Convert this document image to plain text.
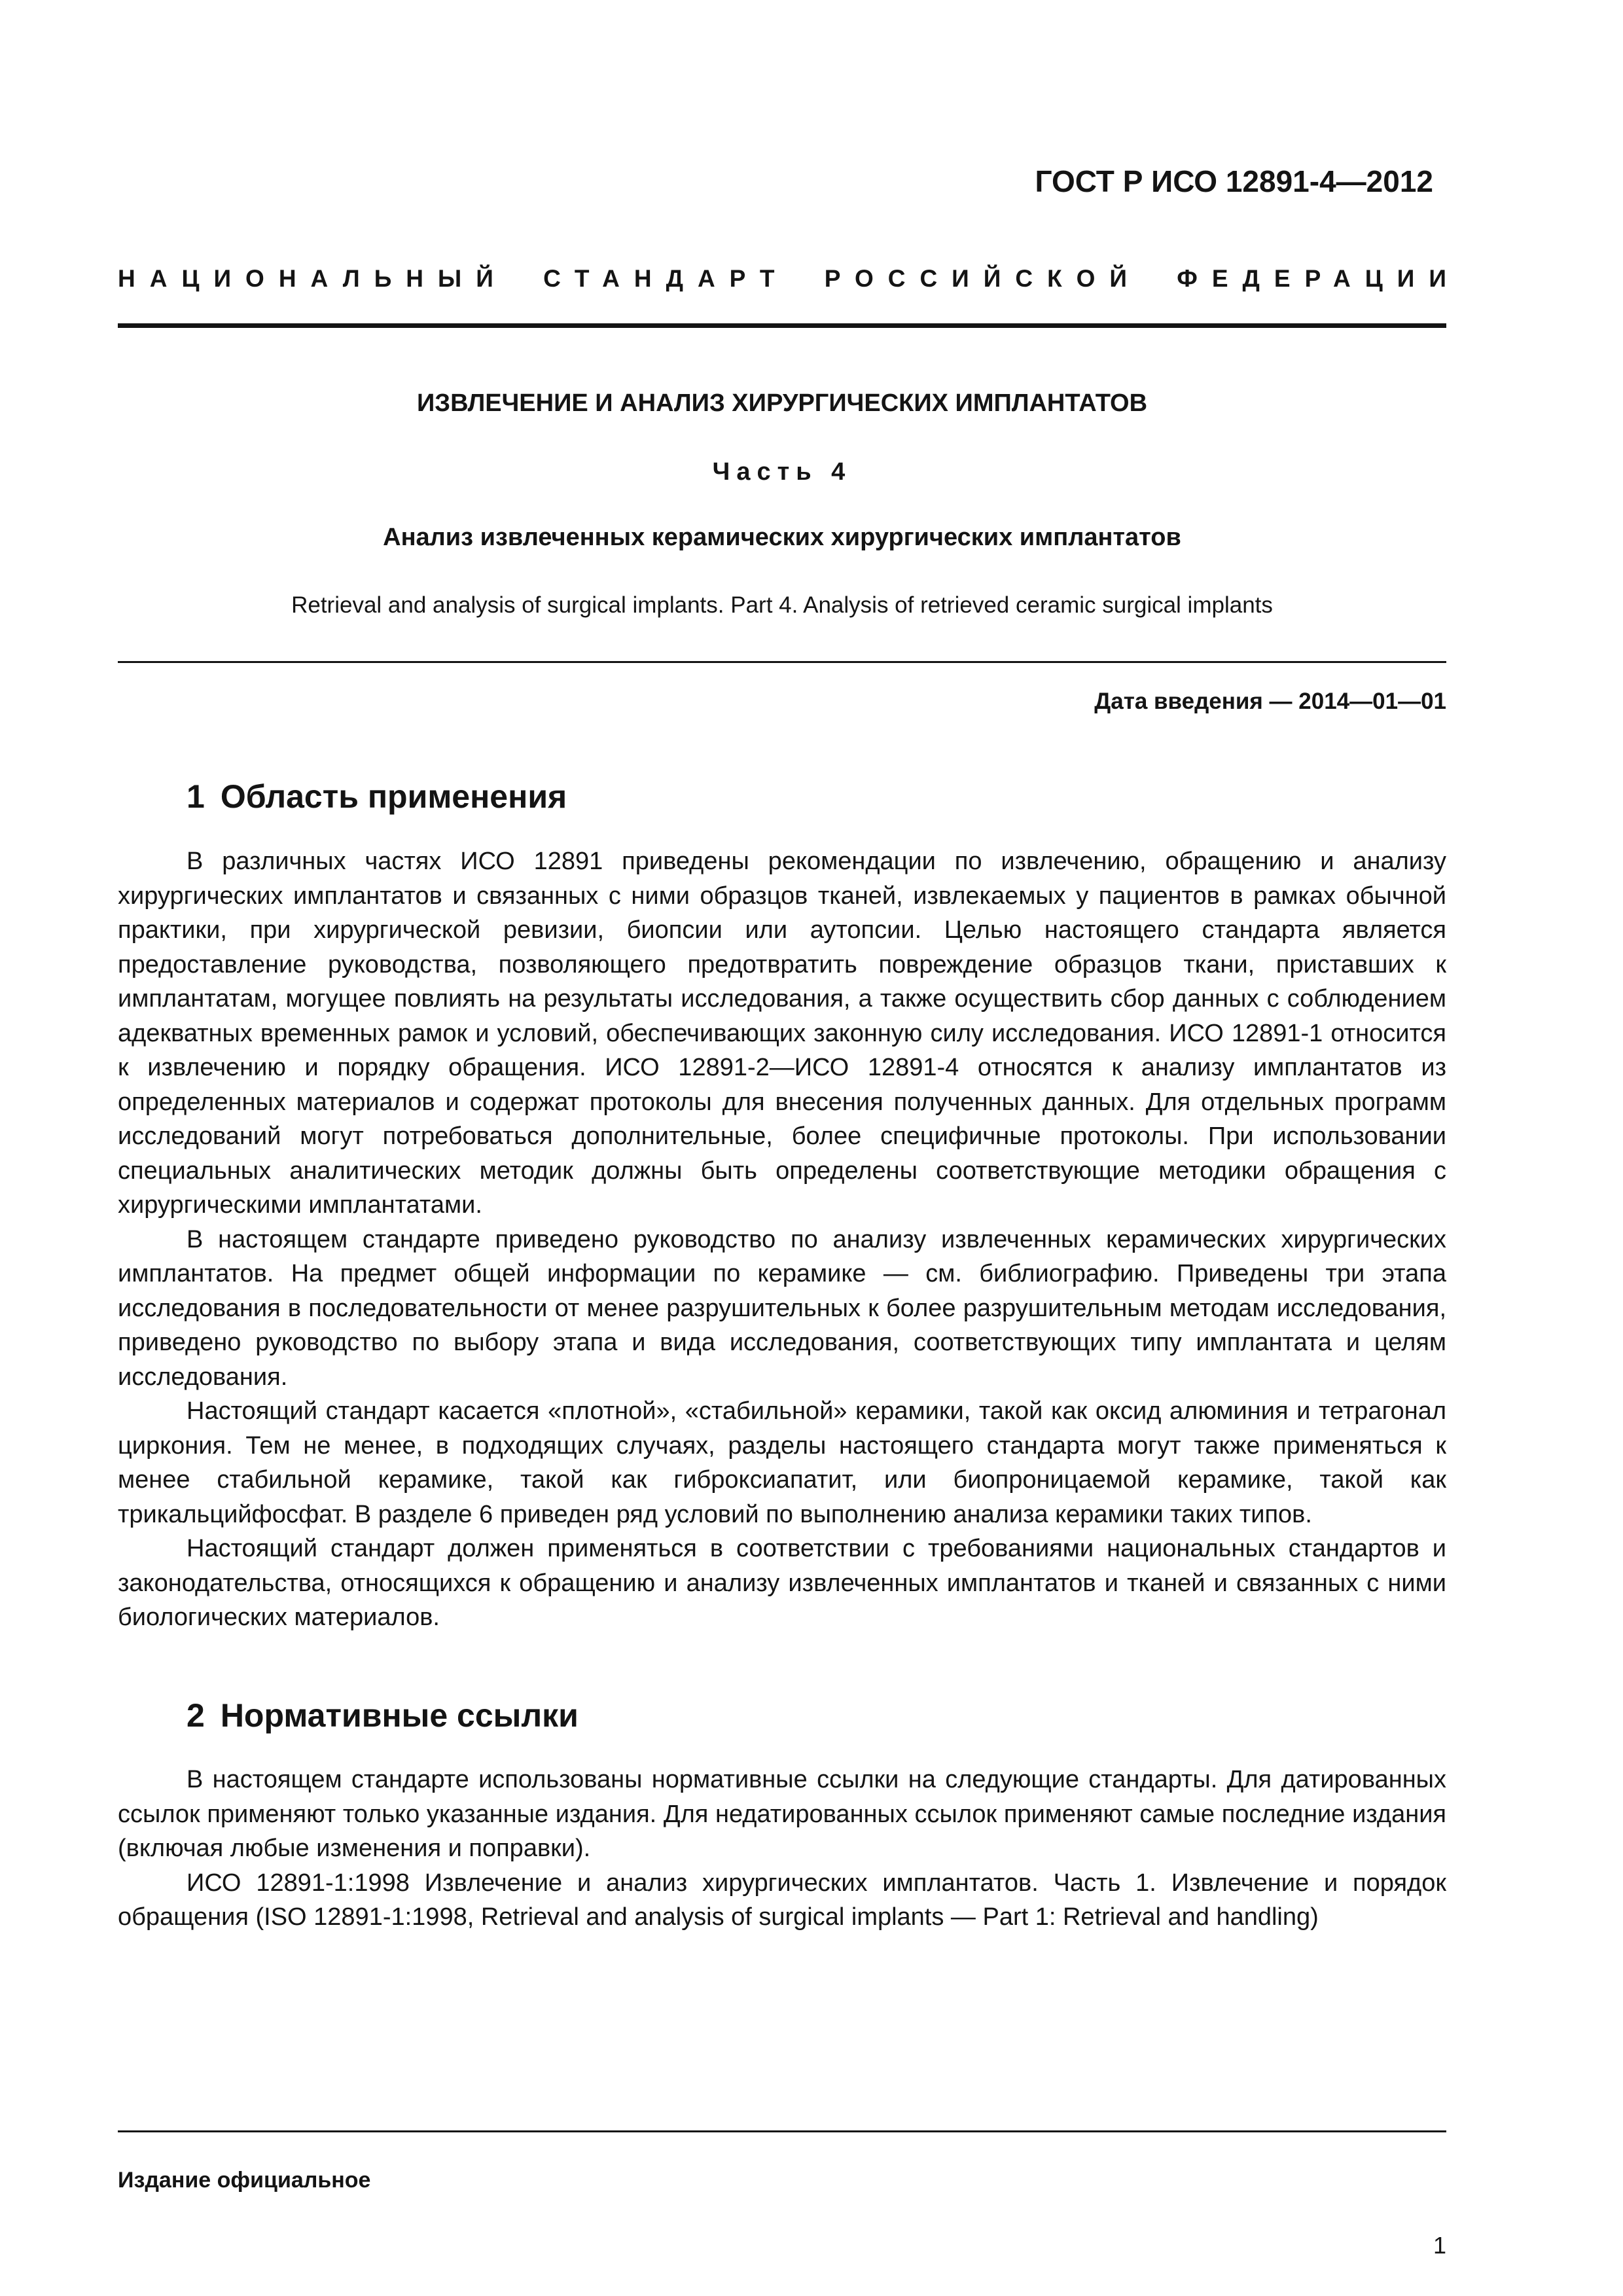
ГОСТ Р ИСО 12891-4—2012
НАЦИОНАЛЬНЫЙ СТАНДАРТ РОССИЙСКОЙ ФЕДЕРАЦИИ
ИЗВЛЕЧЕНИЕ И АНАЛИЗ ХИРУРГИЧЕСКИХ ИМПЛАНТАТОВ
Часть 4
Анализ извлеченных керамических хирургических имплантатов
Retrieval and analysis of surgical implants. Part 4. Analysis of retrieved ceramic surgical implants
Дата введения — 2014—01—01
1 Область применения

В различных частях ИСО 12891 приведены рекомендации по извлечению, обращению и анализу хирургических имплантатов и связанных с ними образцов тканей, извлекаемых у пациентов в рамках обычной практики, при хирургической ревизии, биопсии или аутопсии. Целью настоящего стандарта является предоставление руководства, позволяющего предотвратить повреждение образцов ткани, приставших к имплантатам, могущее повлиять на результаты исследования, а также осуществить сбор данных с соблюдением адекватных временных рамок и условий, обеспечивающих законную силу исследования. ИСО 12891-1 относится к извлечению и порядку обращения. ИСО 12891-2—ИСО 12891-4 относятся к анализу имплантатов из определенных материалов и содержат протоколы для внесения полученных данных. Для отдельных программ исследований могут потребоваться дополнительные, более специфичные протоколы. При использовании специальных аналитических методик должны быть определены соответствующие методики обращения с хирургическими имплантатами.

В настоящем стандарте приведено руководство по анализу извлеченных керамических хирургических имплантатов. На предмет общей информации по керамике — см. библиографию. Приведены три этапа исследования в последовательности от менее разрушительных к более разрушительным методам исследования, приведено руководство по выбору этапа и вида исследования, соответствующих типу имплантата и целям исследования.

Настоящий стандарт касается «плотной», «стабильной» керамики, такой как оксид алюминия и тетрагонал циркония. Тем не менее, в подходящих случаях, разделы настоящего стандарта могут также применяться к менее стабильной керамике, такой как гиброксиапатит, или биопроницаемой керамике, такой как трикальцийфосфат. В разделе 6 приведен ряд условий по выполнению анализа керамики таких типов.

Настоящий стандарт должен применяться в соответствии с требованиями национальных стандартов и законодательства, относящихся к обращению и анализу извлеченных имплантатов и тканей и связанных с ними биологических материалов.

2 Нормативные ссылки

В настоящем стандарте использованы нормативные ссылки на следующие стандарты. Для датированных ссылок применяют только указанные издания. Для недатированных ссылок применяют самые последние издания (включая любые изменения и поправки).

ИСО 12891-1:1998 Извлечение и анализ хирургических имплантатов. Часть 1. Извлечение и порядок обращения (ISO 12891-1:1998, Retrieval and analysis of surgical implants — Part 1: Retrieval and handling)

Издание официальное
1
